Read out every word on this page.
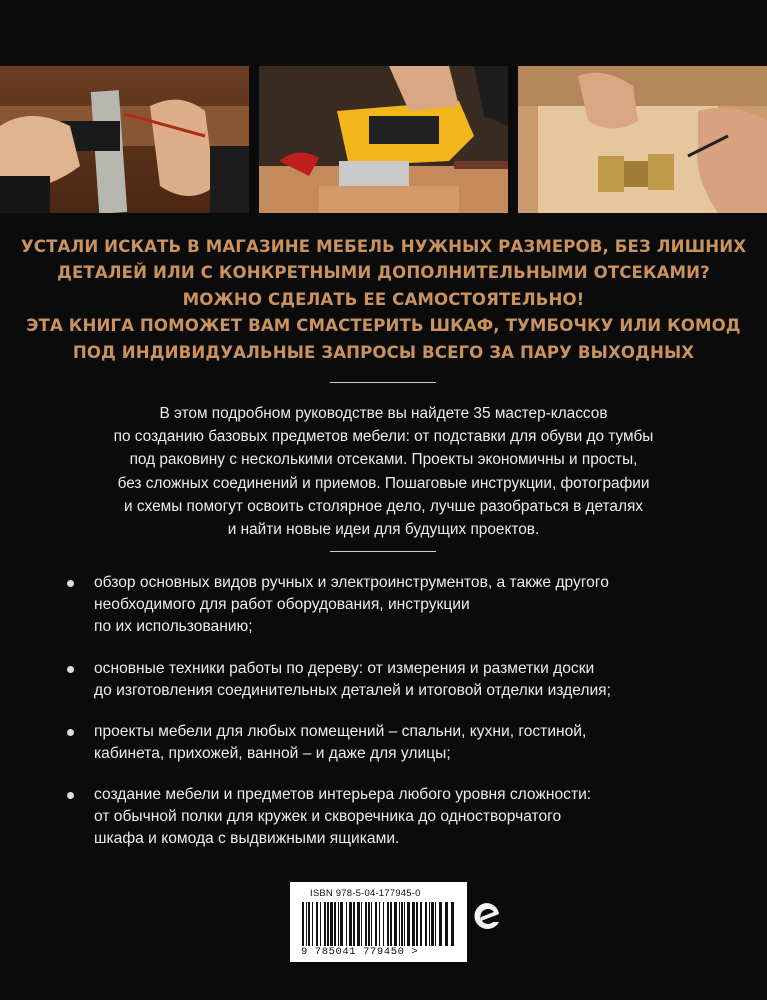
УСТАЛИ ИСКАТЬ В МАГАЗИНЕ МЕБЕЛЬ НУЖНЫХ РАЗМЕРОВ, БЕЗ ЛИШНИХ
ДЕТАЛЕЙ ИЛИ С КОНКРЕТНЫМИ ДОПОЛНИТЕЛЬНЫМИ ОТСЕКАМИ?
МОЖНО СДЕЛАТЬ ЕЕ САМОСТОЯТЕЛЬНО!
ЭТА КНИГА ПОМОЖЕТ ВАМ СМАСТЕРИТЬ ШКАФ, ТУМБОЧКУ ИЛИ КОМОД
ПОД ИНДИВИДУАЛЬНЫЕ ЗАПРОСЫ ВСЕГО ЗА ПАРУ ВЫХОДНЫХ
В этом подробном руководстве вы найдете 35 мастер-классов
по созданию базовых предметов мебели: от подставки для обуви до тумбы
под раковину с несколькими отсеками. Проекты экономичны и просты,
без сложных соединений и приемов. Пошаговые инструкции, фотографии
и схемы помогут освоить столярное дело, лучше разобраться в деталях
и найти новые идеи для будущих проектов.
обзор основных видов ручных и электроинструментов, а также другого
необходимого для работ оборудования, инструкции
по их использованию;
основные техники работы по дереву: от измерения и разметки доски
до изготовления соединительных деталей и итоговой отделки изделия;
проекты мебели для любых помещений – спальни, кухни, гостиной,
кабинета, прихожей, ванной – и даже для улицы;
создание мебели и предметов интерьера любого уровня сложности:
от обычной полки для кружек и скворечника до одностворчатого
шкафа и комода с выдвижными ящиками.
ISBN 978-5-04-177945-0
9 785041 779450 >
